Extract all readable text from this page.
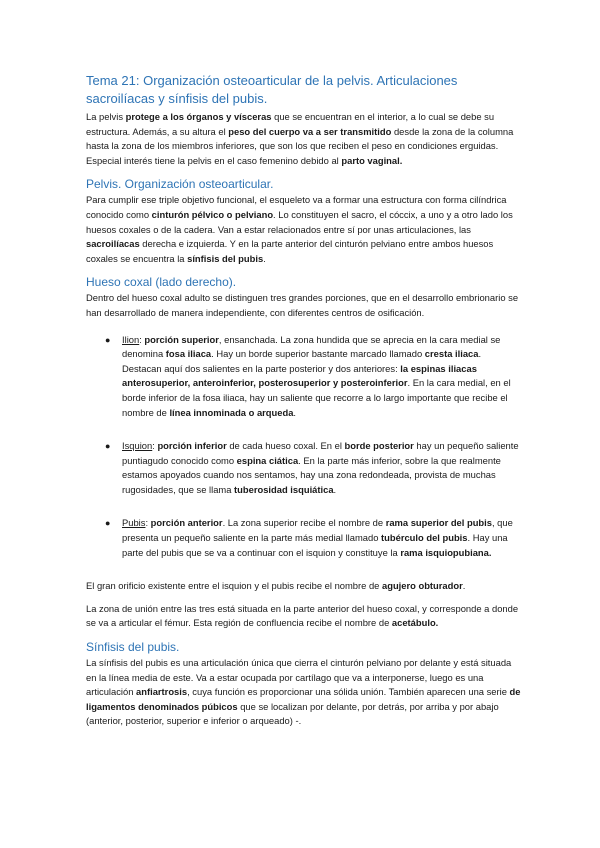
Tema 21: Organización osteoarticular de la pelvis. Articulaciones sacroilíacas y sínfisis del pubis.

La pelvis protege a los órganos y vísceras que se encuentran en el interior, a lo cual se debe su estructura. Además, a su altura el peso del cuerpo va a ser transmitido desde la zona de la columna hasta la zona de los miembros inferiores, que son los que reciben el peso en condiciones erguidas. Especial interés tiene la pelvis en el caso femenino debido al parto vaginal.

Pelvis. Organización osteoarticular.

Para cumplir ese triple objetivo funcional, el esqueleto va a formar una estructura con forma cilíndrica conocido como cinturón pélvico o pelviano. Lo constituyen el sacro, el cóccix, a uno y a otro lado los huesos coxales o de la cadera. Van a estar relacionados entre sí por unas articulaciones, las sacroilíacas derecha e izquierda. Y en la parte anterior del cinturón pelviano entre ambos huesos coxales se encuentra la sínfisis del pubis.

Hueso coxal (lado derecho).

Dentro del hueso coxal adulto se distinguen tres grandes porciones, que en el desarrollo embrionario se han desarrollado de manera independiente, con diferentes centros de osificación.

● Ilion: porción superior, ensanchada. La zona hundida que se aprecia en la cara medial se denomina fosa iliaca. Hay un borde superior bastante marcado llamado cresta iliaca. Destacan aquí dos salientes en la parte posterior y dos anteriores: la espinas iliacas anterosuperior, anteroinferior, posterosuperior y posteroinferior. En la cara medial, en el borde inferior de la fosa iliaca, hay un saliente que recorre a lo largo importante que recibe el nombre de línea innominada o arqueda.
● Isquion: porción inferior de cada hueso coxal. En el borde posterior hay un pequeño saliente puntiagudo conocido como espina ciática. En la parte más inferior, sobre la que realmente estamos apoyados cuando nos sentamos, hay una zona redondeada, provista de muchas rugosidades, que se llama tuberosidad isquiática.
● Pubis: porción anterior. La zona superior recibe el nombre de rama superior del pubis, que presenta un pequeño saliente en la parte más medial llamado tubérculo del pubis. Hay una parte del pubis que se va a continuar con el isquion y constituye la rama isquiopubiana.

El gran orificio existente entre el isquion y el pubis recibe el nombre de agujero obturador.

La zona de unión entre las tres está situada en la parte anterior del hueso coxal, y corresponde a donde se va a articular el fémur. Esta región de confluencia recibe el nombre de acetábulo.

Sínfisis del pubis.

La sínfisis del pubis es una articulación única que cierra el cinturón pelviano por delante y está situada en la línea media de este. Va a estar ocupada por cartílago que va a interponerse, luego es una articulación anfiartrosis, cuya función es proporcionar una sólida unión. También aparecen una serie de ligamentos denominados púbicos que se localizan por delante, por detrás, por arriba y por abajo (anterior, posterior, superior e inferior o arqueado) -.
